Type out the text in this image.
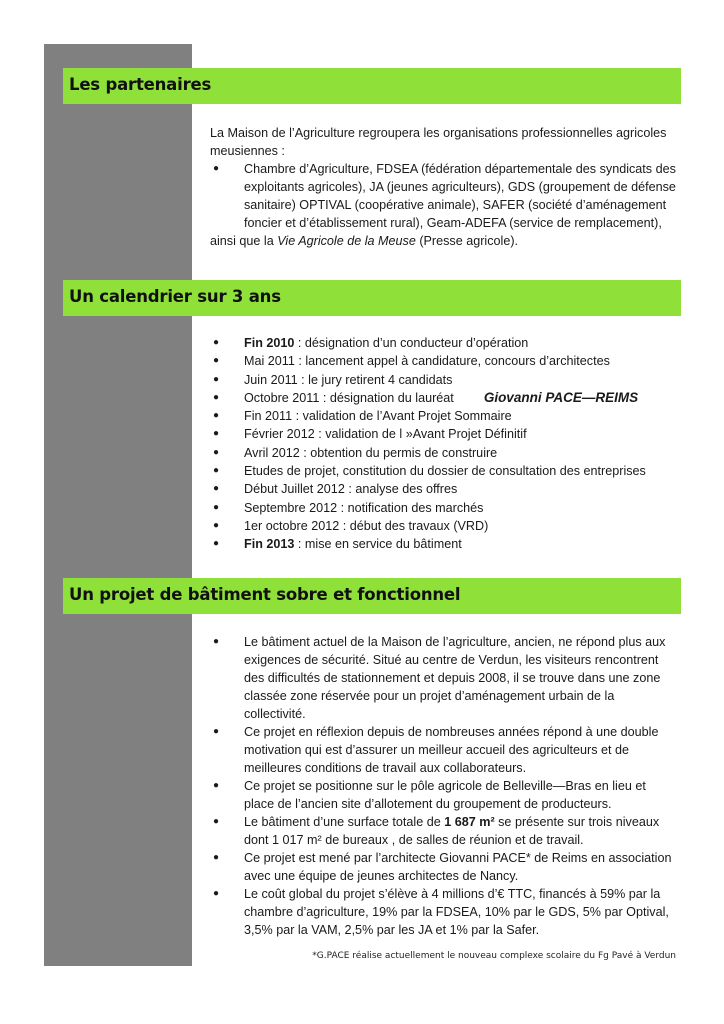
Les partenaires

La Maison de l’Agriculture regroupera les organisations professionnelles agricoles meusiennes :

● Chambre d’Agriculture, FDSEA (fédération départementale des syndicats des exploitants agricoles), JA (jeunes agriculteurs), GDS (groupement de défense sanitaire) OPTIVAL (coopérative animale), SAFER (société d’aménagement foncier et d’établissement rural), Geam-ADEFA (service de remplacement),

ainsi que la Vie Agricole de la Meuse (Presse agricole).

Un calendrier sur 3 ans
● Fin 2010 : désignation d’un conducteur d’opération
● Mai 2011 : lancement appel à candidature, concours d’architectes
● Juin 2011 : le jury retirent 4 candidats
● Octobre 2011 : désignation du lauréat Giovanni PACE—REIMS
● Fin 2011 : validation de l’Avant Projet Sommaire
● Février 2012 : validation de l »Avant Projet Définitif
● Avril 2012 : obtention du permis de construire
● Etudes de projet, constitution du dossier de consultation des entreprises
● Début Juillet 2012 : analyse des offres
● Septembre 2012 : notification des marchés
● 1er octobre 2012 : début des travaux (VRD)
● Fin 2013 : mise en service du bâtiment
Un projet de bâtiment sobre et fonctionnel
● Le bâtiment actuel de la Maison de l’agriculture, ancien, ne répond plus aux exigences de sécurité. Situé au centre de Verdun, les visiteurs rencontrent des difficultés de stationnement et depuis 2008, il se trouve dans une zone classée zone réservée pour un projet d’aménagement urbain de la collectivité.
● Ce projet en réflexion depuis de nombreuses années répond à une double motivation qui est d’assurer un meilleur accueil des agriculteurs et de meilleures conditions de travail aux collaborateurs.
● Ce projet se positionne sur le pôle agricole de Belleville—Bras en lieu et place de l’ancien site d’allotement du groupement de producteurs.
● Le bâtiment d’une surface totale de 1 687 m² se présente sur trois niveaux dont 1 017 m² de bureaux , de salles de réunion et de travail.
● Ce projet est mené par l’architecte Giovanni PACE* de Reims en association avec une équipe de jeunes architectes de Nancy.
● Le coût global du projet s’élève à 4 millions d’€ TTC, financés à 59% par la chambre d’agriculture, 19% par la FDSEA, 10% par le GDS, 5% par Optival, 3,5% par la VAM, 2,5% par les JA et 1% par la Safer.
*G.PACE réalise actuellement le nouveau complexe scolaire du Fg Pavé à Verdun
